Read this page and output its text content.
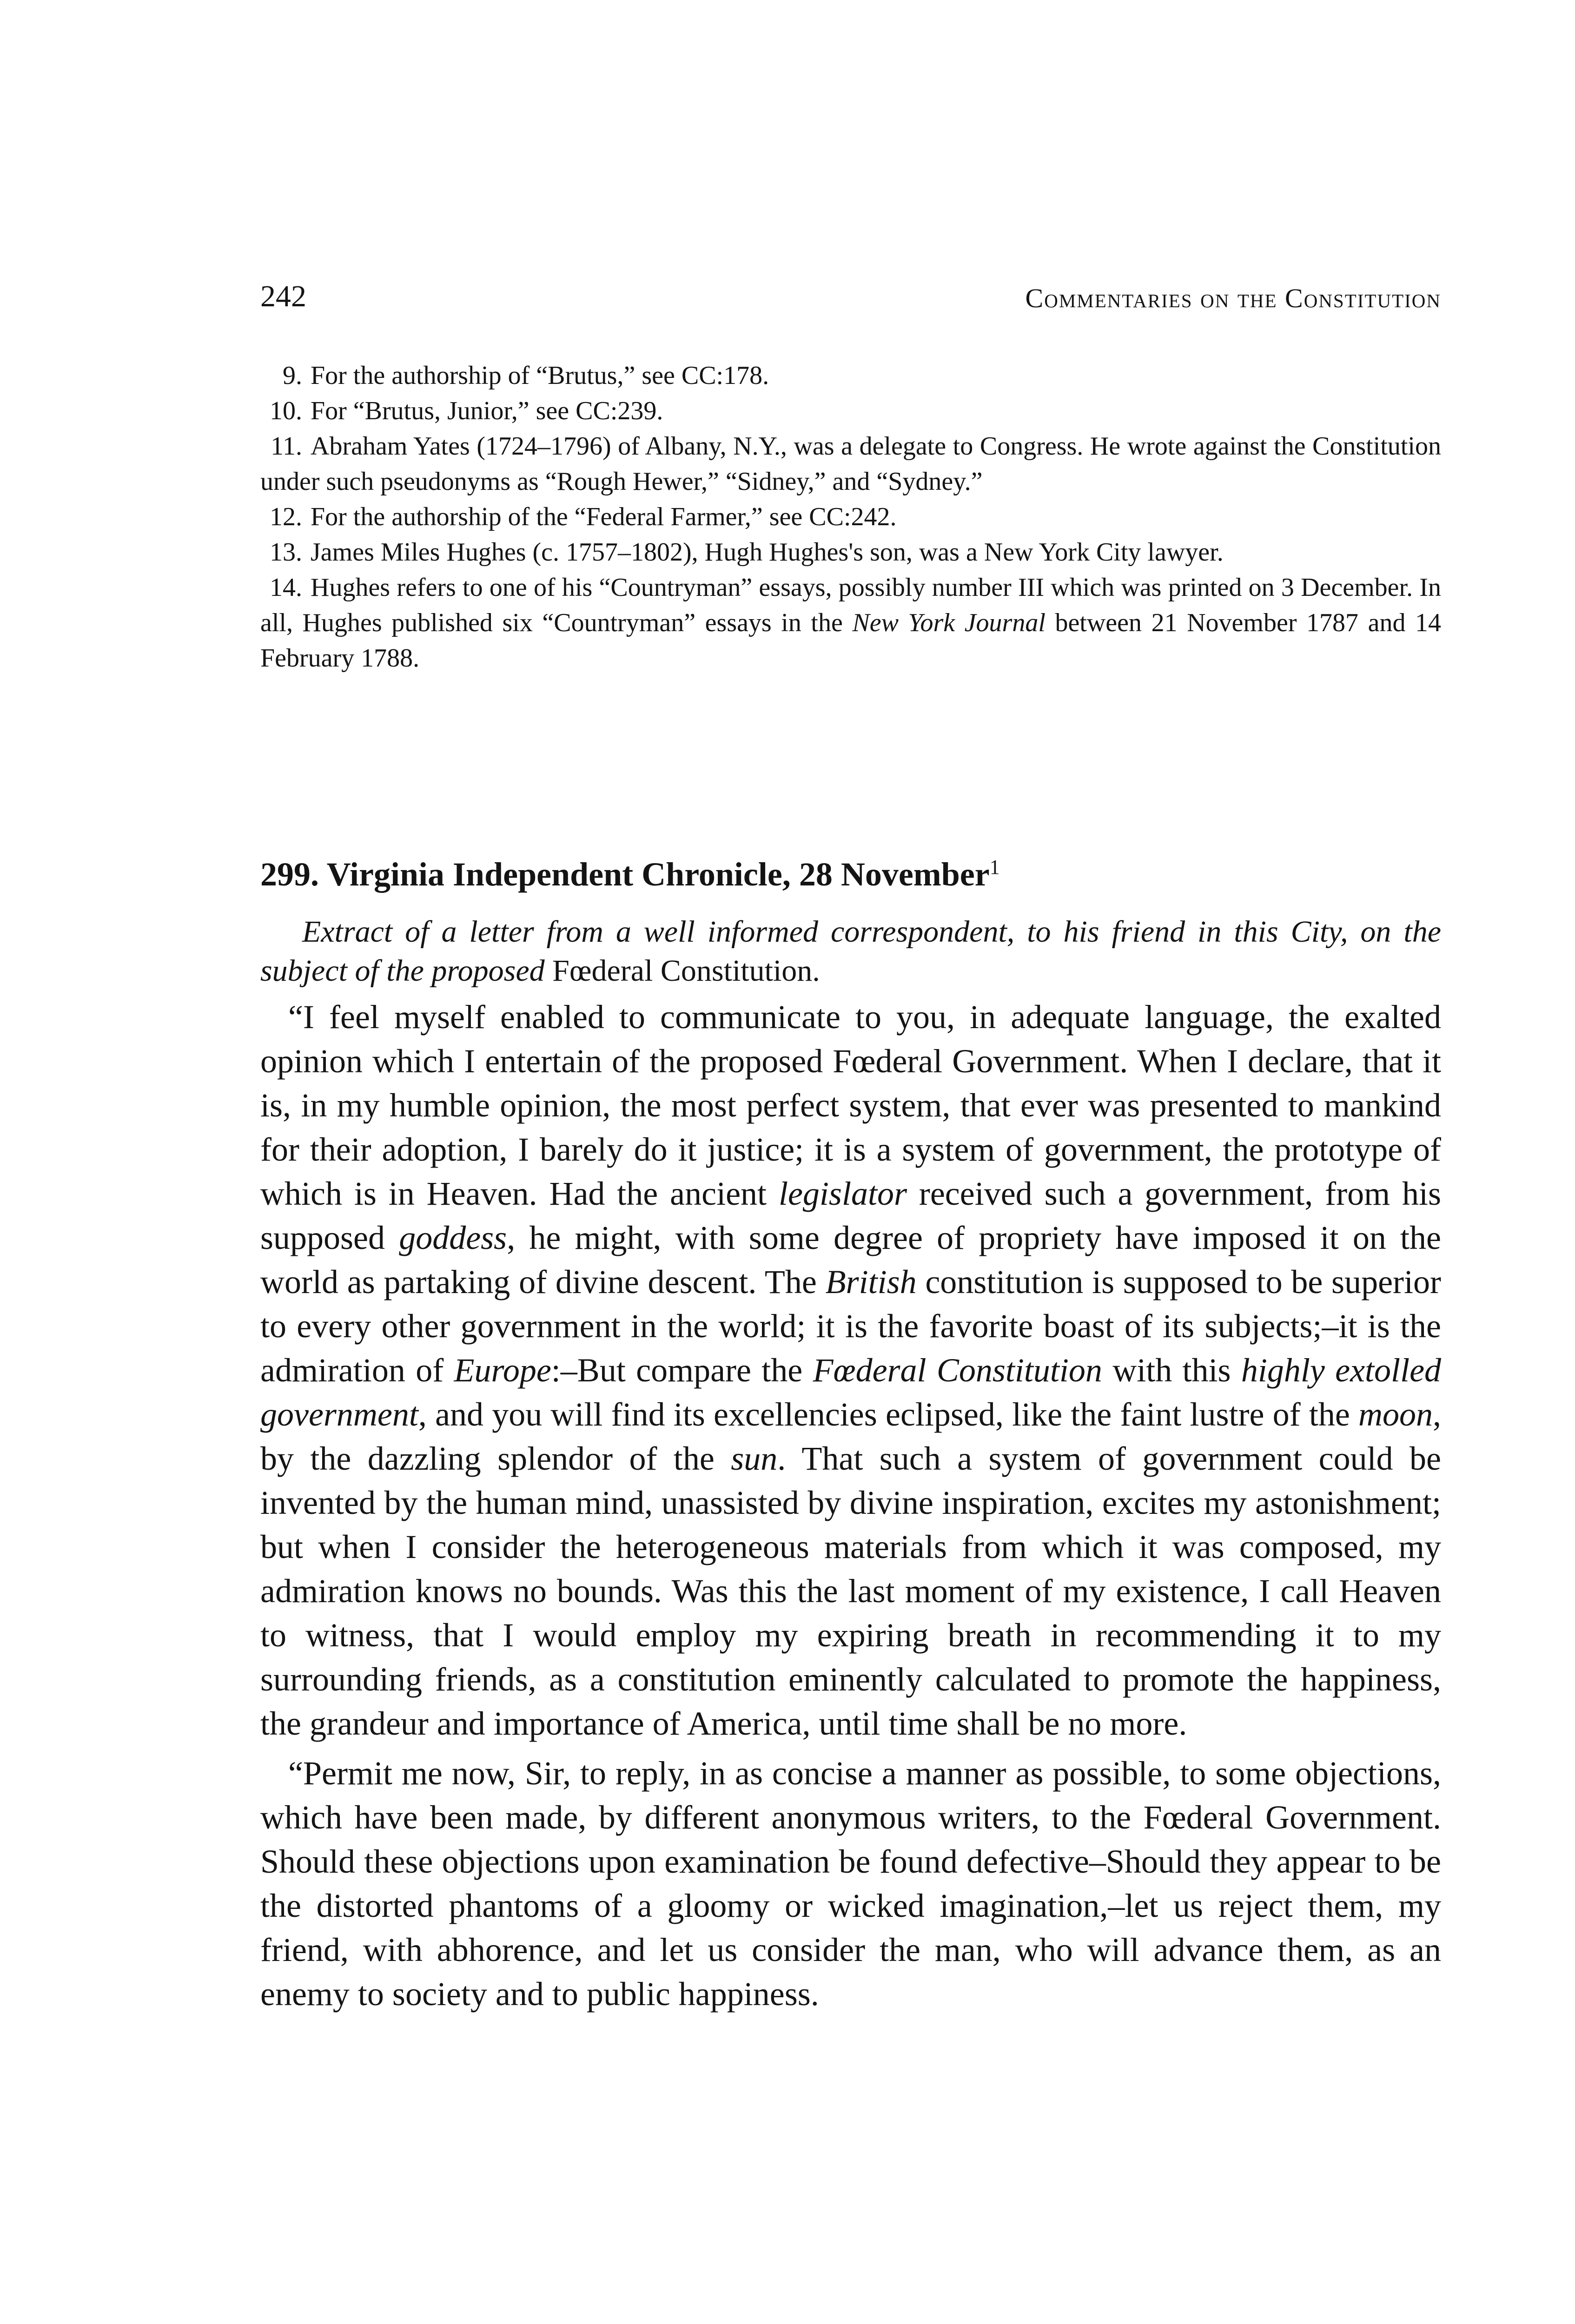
242	Commentaries on the Constitution

9. For the authorship of “Brutus,” see CC:178.

10. For “Brutus, Junior,” see CC:239.

11. Abraham Yates (1724–1796) of Albany, N.Y., was a delegate to Congress. He wrote against the Constitution under such pseudonyms as “Rough Hewer,” “Sidney,” and “Sydney.”

12. For the authorship of the “Federal Farmer,” see CC:242.

13. James Miles Hughes (c. 1757–1802), Hugh Hughes's son, was a New York City lawyer.

14. Hughes refers to one of his “Countryman” essays, possibly number III which was printed on 3 December. In all, Hughes published six “Countryman” essays in the New York Journal between 21 November 1787 and 14 February 1788.

299. Virginia Independent Chronicle, 28 November$^1$

Extract of a letter from a well informed correspondent, to his friend in this City, on the subject of the proposed Fœderal Constitution.

“I feel myself enabled to communicate to you, in adequate language, the exalted opinion which I entertain of the proposed Fœderal Government. When I declare, that it is, in my humble opinion, the most perfect system, that ever was presented to mankind for their adoption, I barely do it justice; it is a system of government, the prototype of which is in Heaven. Had the ancient legislator received such a government, from his supposed goddess, he might, with some degree of propriety have imposed it on the world as partaking of divine descent. The British constitution is supposed to be superior to every other government in the world; it is the favorite boast of its subjects;–it is the admiration of Europe:–But compare the Fœderal Constitution with this highly extolled government, and you will find its excellencies eclipsed, like the faint lustre of the moon, by the dazzling splendor of the sun. That such a system of government could be invented by the human mind, unassisted by divine inspiration, excites my astonishment; but when I consider the heterogeneous materials from which it was composed, my admiration knows no bounds. Was this the last moment of my existence, I call Heaven to witness, that I would employ my expiring breath in recommending it to my surrounding friends, as a constitution eminently calculated to promote the happiness, the grandeur and importance of America, until time shall be no more.

“Permit me now, Sir, to reply, in as concise a manner as possible, to some objections, which have been made, by different anonymous writers, to the Fœderal Government. Should these objections upon examination be found defective–Should they appear to be the distorted phantoms of a gloomy or wicked imagination,–let us reject them, my friend, with abhorence, and let us consider the man, who will advance them, as an enemy to society and to public happiness.
